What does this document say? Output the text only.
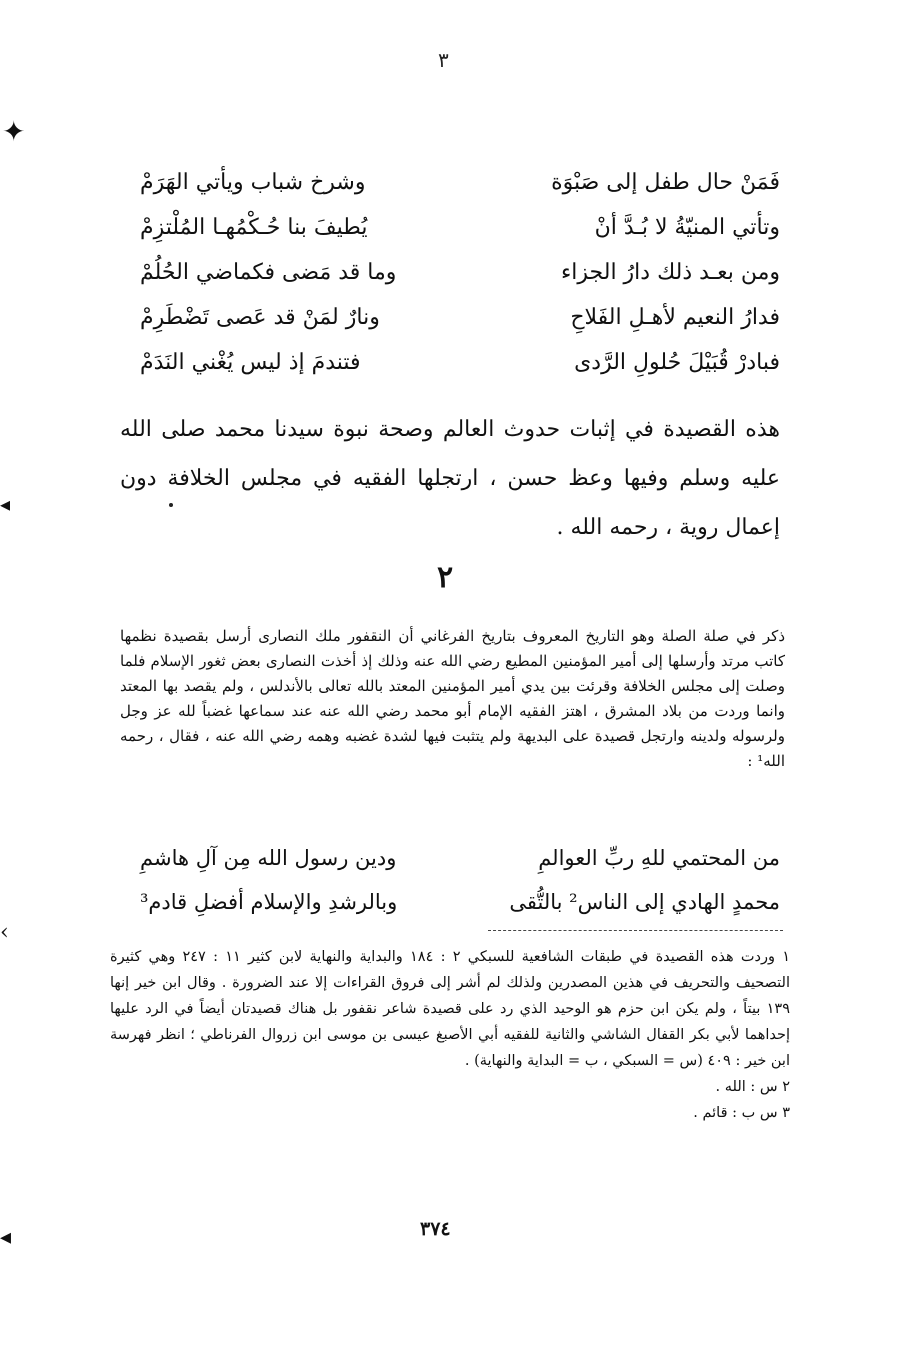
٣
✦
◂
‹
◂
فَمَنْ حال طفل إلى صَبْوَة
وشرخ شباب ويأتي الهَرَمْ
وتأتي المنيّةُ لا بُـدَّ أنْ
يُطيفَ بنا حُـكْمُهـا المُلْتزِمْ
ومن بعـد ذلك دارُ الجزاء
وما قد مَضى فكماضي الحُلُمْ
فدارُ النعيم لأهـلِ الفَلاحِ
ونارٌ لمَنْ قد عَصى تَضْطَرِمْ
فبادرْ قُبَيْلَ حُلولِ الرَّدى
فتندمَ إذ ليس يُغْني النَدَمْ
هذه القصيدة في إثبات حدوث العالم وصحة نبوة سيدنا محمد صلى الله عليه وسلم وفيها وعظ حسن ، ارتجلها الفقيه في مجلس الخلافة دون إعمال روية ، رحمه الله .
٢
ذكر في صلة الصلة وهو التاريخ المعروف بتاريخ الفرغاني أن النقفور ملك النصارى أرسل بقصيدة نظمها كاتب مرتد وأرسلها إلى أمير المؤمنين المطيع رضي الله عنه وذلك إذ أخذت النصارى بعض ثغور الإسلام فلما وصلت إلى مجلس الخلافة وقرئت بين يدي أمير المؤمنين المعتد بالله تعالى بالأندلس ، ولم يقصد بها المعتد وانما وردت من بلاد المشرق ، اهتز الفقيه الإمام أبو محمد رضي الله عنه عند سماعها غضباً لله عز وجل ولرسوله ولدينه وارتجل قصيدة على البديهة ولم يتثبت فيها لشدة غضبه وهمه رضي الله عنه ، فقال ، رحمه الله¹ :
من المحتمي للهِ ربِّ العوالمِ
ودين رسول الله مِن آلِ هاشمِ
محمدٍ الهادي إلى الناس² بالتُّقى
وبالرشدِ والإسلام أفضلِ قادم³
١ وردت هذه القصيدة في طبقات الشافعية للسبكي ٢ : ١٨٤ والبداية والنهاية لابن كثير ١١ : ٢٤٧ وهي كثيرة التصحيف والتحريف في هذين المصدرين ولذلك لم أشر إلى فروق القراءات إلا عند الضرورة . وقال ابن خير إنها ١٣٩ بيتاً ، ولم يكن ابن حزم هو الوحيد الذي رد على قصيدة شاعر نقفور بل هناك قصيدتان أيضاً في الرد عليها إحداهما لأبي بكر القفال الشاشي والثانية للفقيه أبي الأصبغ عيسى بن موسى ابن زروال الفرناطي ؛ انظر فهرسة ابن خير : ٤٠٩ (س = السبكي ، ب = البداية والنهاية) .
٢ س : الله .
٣ س ب : قائم .
٣٧٤
